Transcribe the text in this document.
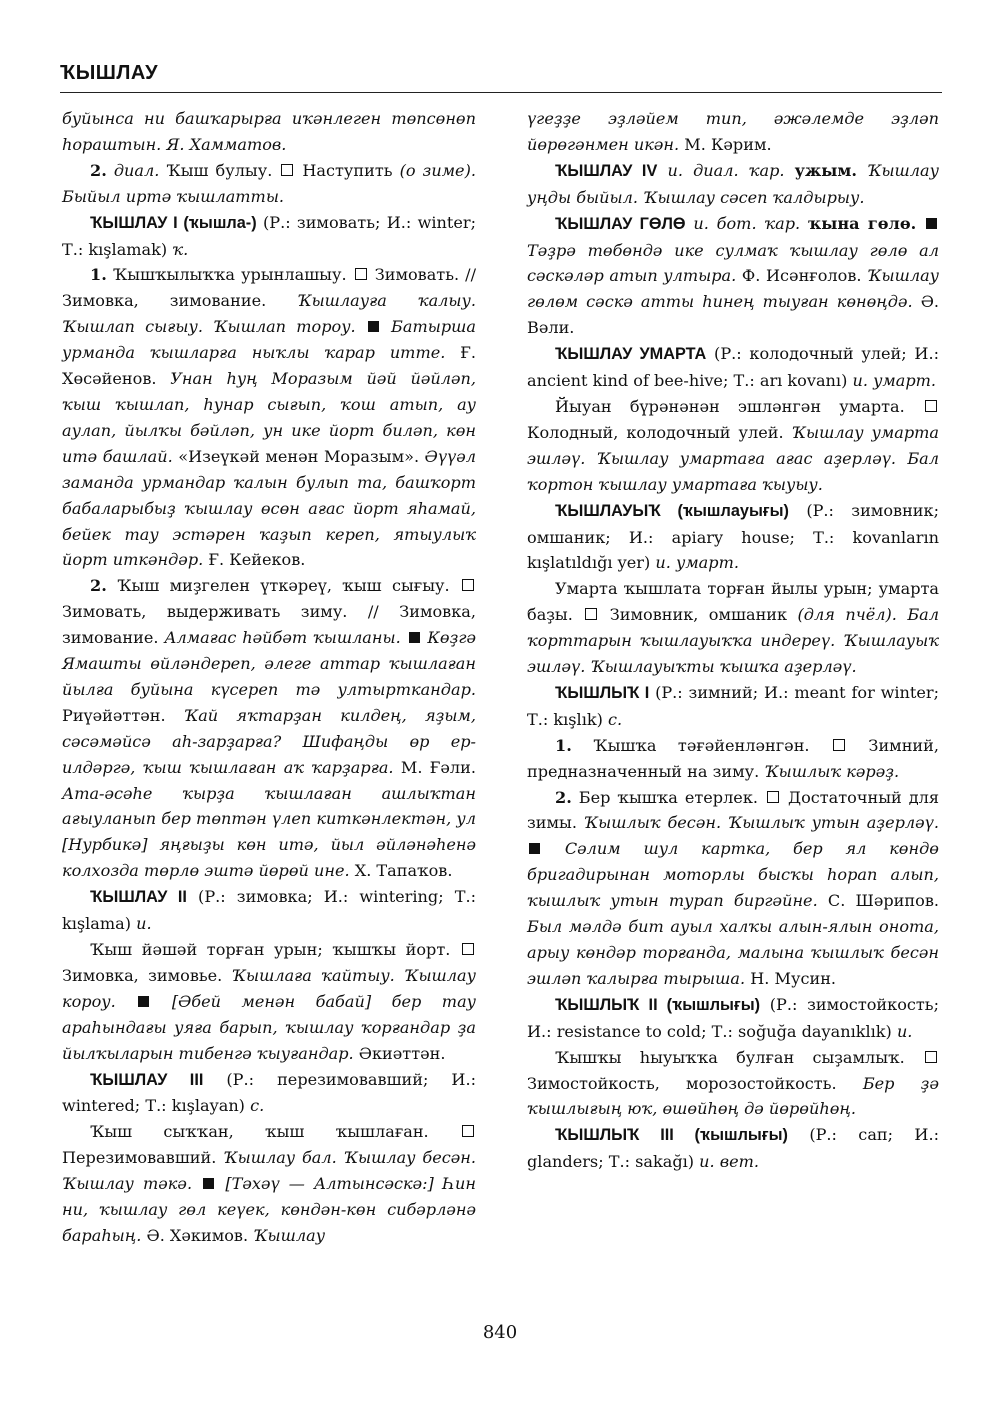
ҠЫШЛАУ

буйынса ни башҡарырға иҡәнлеген төпсөнөп һораштын. Я. Хамматов.

2. диал. Ҡыш булыу. Наступить (о зиме). Быйыл иртә ҡышлатты.

ҠЫШЛАУ I (ҡышла-) (Р.: зимовать; И.: winter; Т.: kışlamak) ҡ.

1. Ҡышҡылыҡҡа урынлашыу. Зимовать. // Зимовка, зимование. Ҡышлауға ҡалыу. Ҡышлап сығыу. Ҡышлап тороу. Батырша урманда ҡышларға ныҡлы ҡарар итте. Ғ. Хөсәйенов. Унан һуң Моразым йәй йәйләп, ҡыш ҡышлап, һунар сығып, ҡош атып, ау аулап, йылҡы бәйләп, ун ике йорт биләп, көн итә башлай. «Изеүкәй менән Моразым». Әүүәл заманда урмандар ҡалын булып та, башҡорт бабаларыбыҙ ҡышлау өсөн ағас йорт яһамай, бейек тау эстәрен ҡаҙып кереп, ятыулыҡ йорт иткәндәр. Ғ. Кейеков.

2. Ҡыш миҙгелен үткәреү, ҡыш сығыу.  Зимовать, выдерживать зиму. // Зимовка, зимование. Алмағас һәйбәт ҡышланы. Көҙгә Ямашты өйләндереп, әлеге аттар ҡышлаған йылға буйына күсереп тә ултырткандар. Риүәйәттән. Ҡай яҡтарҙан килдең, яҙым, сәсәмәйсә аһ-зарҙарға? Шифаңды өр ер-илдәргә, ҡыш ҡышлаған аҡ ҡарҙарға. М. Ғәли. Ата-әсәһе ҡырҙа ҡышлаған ашлыҡтан ағыуланып бер төптән үлеп киткәнлектән, ул [Нурбикә] яңғыҙы көн итә, йыл әйләнәһенә колхозда төрлө эштә йөрөй ине. Х. Тапаҡов.

ҠЫШЛАУ II (Р.: зимовка; И.: wintering; Т.: kışlama) и.

Ҡыш йәшәй торған урын; ҡышҡы йорт.  Зимовка, зимовье. Ҡышлаға ҡайтыу. Ҡышлау короу.	[Әбей менән бабай] бер тау араһындағы уяға барып, ҡышлау ҡорғандар ҙа йылҡыларын тибенгә ҡыуғандар. Әкиәттән.

ҠЫШЛАУ III (Р.: перезимовавший; И.: wintered; Т.: kışlayan) с.

Ҡыш сыҡҡан, ҡыш ҡышлаған.  Перезимовавший. Ҡышлау бал. Ҡышлау бесән. Ҡышлау тәкә. [Тәхәү — Алтынсәскә:] Һин ни, ҡышлау гөл кеүек, көндән-көн сибәрләнә бараһың. Ә. Хәкимов. Ҡышлау

үгеҙҙе эҙләйем тип, әжәлемде эҙләп йөрөгәнмен икән. М. Кәрим.

ҠЫШЛАУ IV и. диал. ҡар. ужым. Ҡышлау уңды быйыл. Ҡышлау сәсеп ҡалдырыу.

ҠЫШЛАУ ГӨЛӨ и. бот. ҡар. ҡына гөлө.  Тәҙрә төбөндә ике сулмаҡ ҡышлау гөлө ал сәскәләр атып ултыра. Ф. Исәнғолов. Ҡышлау гөлөм сәскә атты һинең тыуған көнөңдә. Ә. Вәли.

ҠЫШЛАУ УМАРТА (Р.: колодочный улей; И.: ancient kind of bee-hive; Т.: arı kovanı) и. умарт.

Йыуан бүрәнәнән эшләнгән умарта.  Колодный, колодочный улей. Ҡышлау умарта эшләү. Ҡышлау умартаға ағас аҙерләү. Бал ҡортон ҡышлау умартаға ҡыуыу.

ҠЫШЛАУЫҠ (ҡышлауығы) (Р.: зимовник; омшаник; И.: apiary house; Т.: kovanların kışlatıldığı yer) и. умарт.

Умарта ҡышлата торған йылы урын; умарта баҙы. Зимовник, омшаник (для пчёл). Бал ҡорттарын ҡышлауыҡҡа индереү. Ҡышлауыҡ эшләү. Ҡышлауыҡты ҡышҡа аҙерләү.

ҠЫШЛЫҠ I (Р.: зимний; И.: meant for winter; Т.: kışlık) с.

1. Ҡышҡа тәғәйенләнгән.	Зимний, предназначенный на зиму. Ҡышлыҡ кәрәҙ.

2. Бер ҡышҡа етерлек. Достаточный для зимы. Ҡышлыҡ бесән. Ҡышлыҡ утын аҙерләү.  Сәлим шул картка, бер ял көндө бригадирынан моторлы бысҡы һорап алып, ҡышлыҡ утын турап биргәйне. С. Шәрипов. Был мәлдә бит ауыл халҡы алын-ялын онота, арыу көндәр торғанда, малына ҡышлыҡ бесән эшләп ҡалырға тырыша. Н. Мусин.

ҠЫШЛЫҠ II (ҡышлығы) (Р.: зимостойкость; И.: resistance to cold; Т.: soğuğa dayanıklık) и.

Ҡышҡы һыуыҡҡа булған сыҙамлыҡ.  Зимостойкость, морозостойкость. Бер ҙә ҡышлығың юҡ, өшөйһөң дә йөрөйһөң.

ҠЫШЛЫҠ III (ҡышлығы) (Р.: сап; И.: glanders; Т.: sakağı) и. вет.

840
